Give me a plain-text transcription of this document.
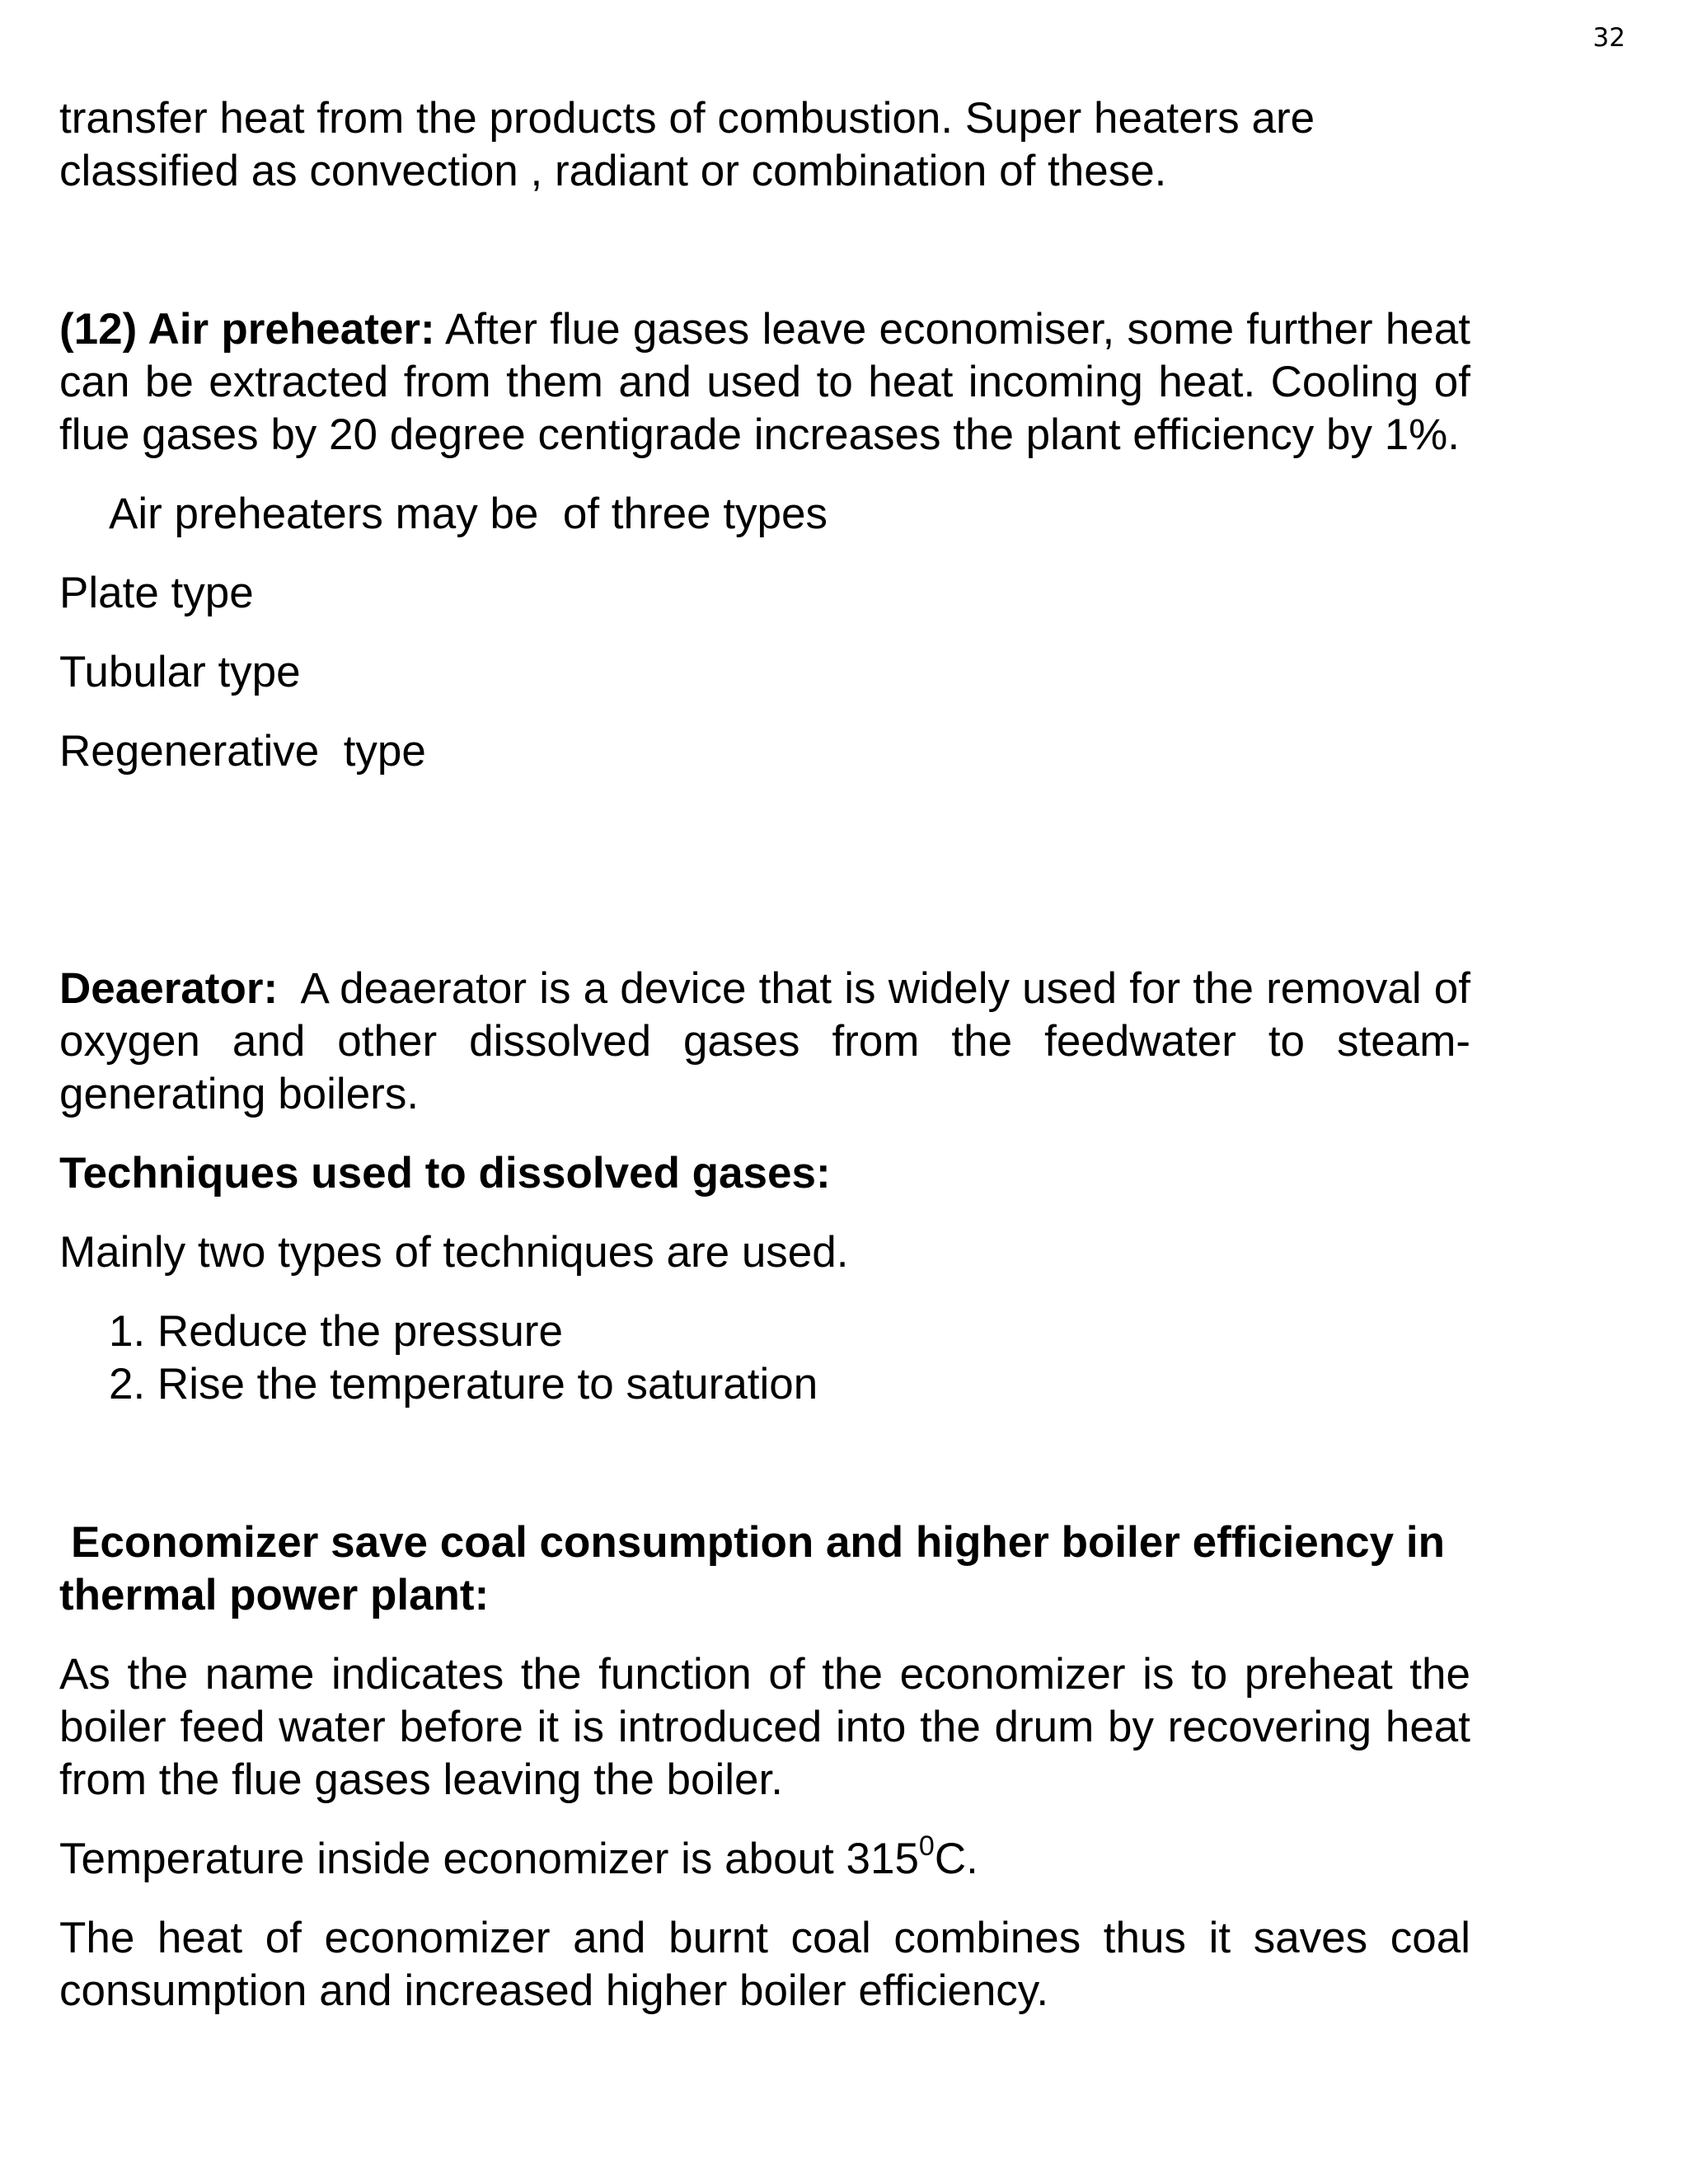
32

transfer heat from the products of combustion. Super heaters are

classified as convection , radiant or combination of these.

(12) Air preheater: After flue gases leave economiser, some further heat can be extracted from them and used to heat incoming heat. Cooling of flue gases by 20 degree centigrade increases the plant efficiency by 1%.

Air preheaters may be  of three types

Plate type

Tubular type

Regenerative  type

Deaerator: A deaerator is a device that is widely used for the removal of oxygen and other dissolved gases from the feedwater to steam-generating boilers.

Techniques used to dissolved gases:

Mainly two types of techniques are used.

1. Reduce the pressure
2. Rise the temperature to saturation

Economizer save coal consumption and higher boiler efficiency in

thermal power plant:

As the name indicates the function of the economizer is to preheat the boiler feed water before it is introduced into the drum by recovering heat from the flue gases leaving the boiler.

Temperature inside economizer is about $315^0C$.

The heat of economizer and burnt coal combines thus it saves coal consumption and increased higher boiler efficiency.
